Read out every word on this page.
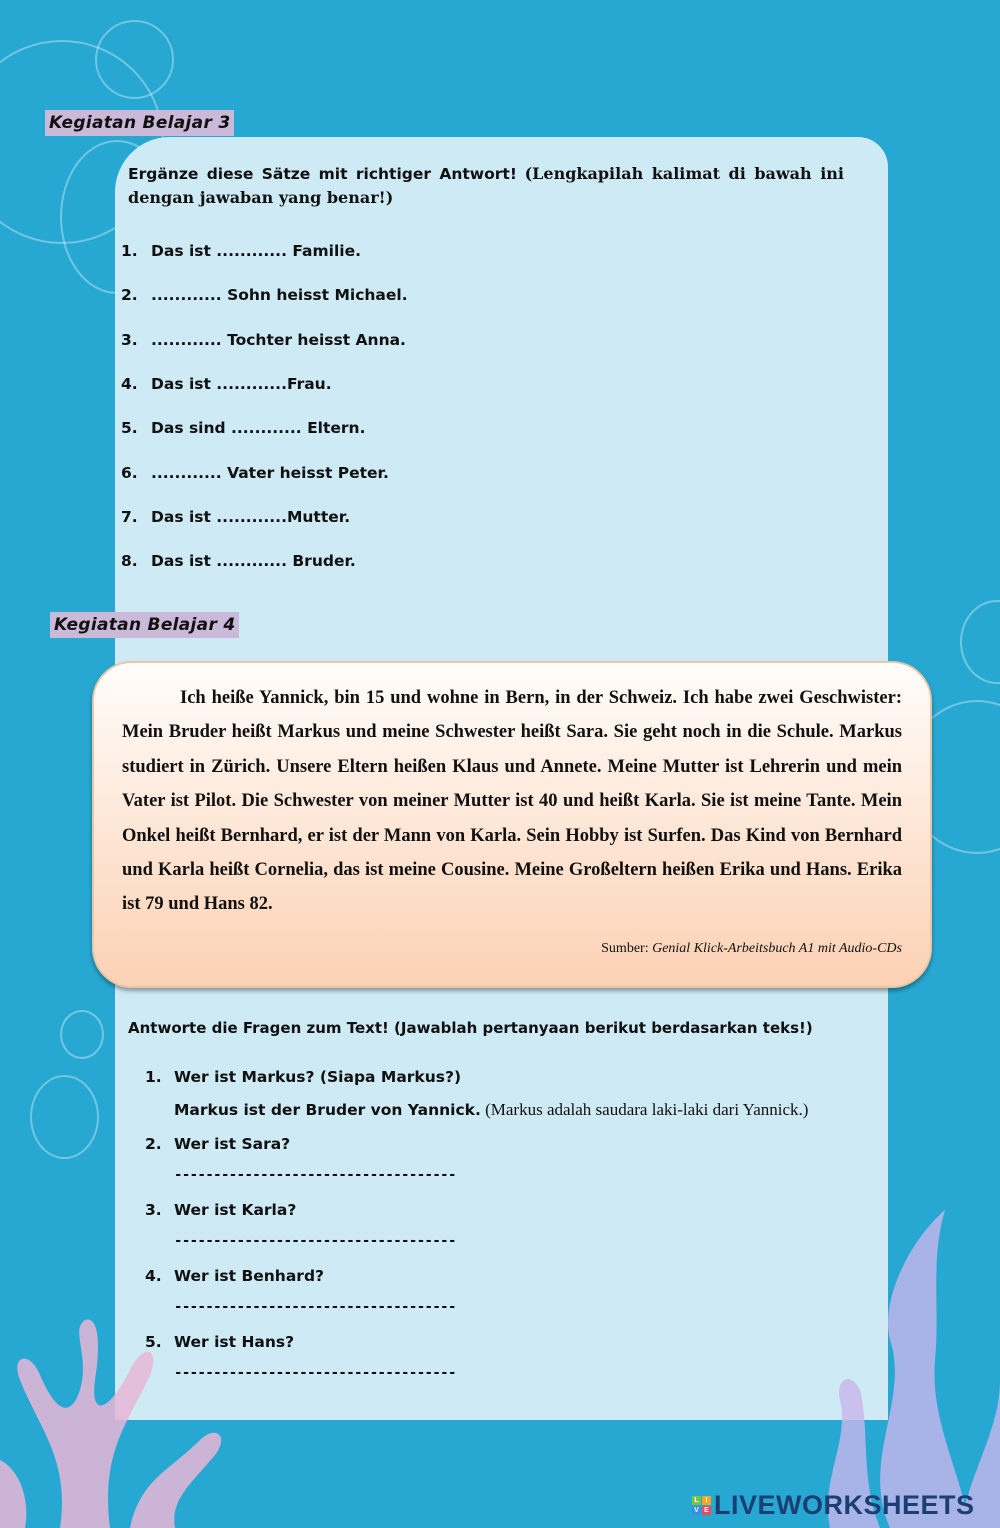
Kegiatan Belajar 3
Ergänze diese Sätze mit richtiger Antwort! (Lengkapilah kalimat di bawah ini dengan jawaban yang benar!)
1. Das ist ............ Familie.
2. ............ Sohn heisst Michael.
3. ............ Tochter heisst Anna.
4. Das ist ............ Frau.
5. Das sind ............ Eltern.
6. ............ Vater heisst Peter.
7. Das ist ............ Mutter.
8. Das ist ............ Bruder.
Kegiatan Belajar 4

Ich heiße Yannick, bin 15 und wohne in Bern, in der Schweiz. Ich habe zwei Geschwister: Mein Bruder heißt Markus und meine Schwester heißt Sara. Sie geht noch in die Schule. Markus studiert in Zürich. Unsere Eltern heißen Klaus und Annete. Meine Mutter ist Lehrerin und mein Vater ist Pilot. Die Schwester von meiner Mutter ist 40 und heißt Karla. Sie ist meine Tante. Mein Onkel heißt Bernhard, er ist der Mann von Karla. Sein Hobby ist Surfen. Das Kind von Bernhard und Karla heißt Cornelia, das ist meine Cousine. Meine Großeltern heißen Erika und Hans. Erika ist 79 und Hans 82.

Sumber: Genial Klick-Arbeitsbuch A1 mit Audio-CDs
Antworte die Fragen zum Text! (Jawablah pertanyaan berikut berdasarkan teks!)
1. Wer ist Markus? (Siapa Markus?)
Markus ist der Bruder von Yannick. (Markus adalah saudara laki-laki dari Yannick.)
2. Wer ist Sara?
------------------------------------
3. Wer ist Karla?
------------------------------------
4. Wer ist Benhard?
------------------------------------
5. Wer ist Hans?
------------------------------------
L I
V E LIVEWORKSHEETS
